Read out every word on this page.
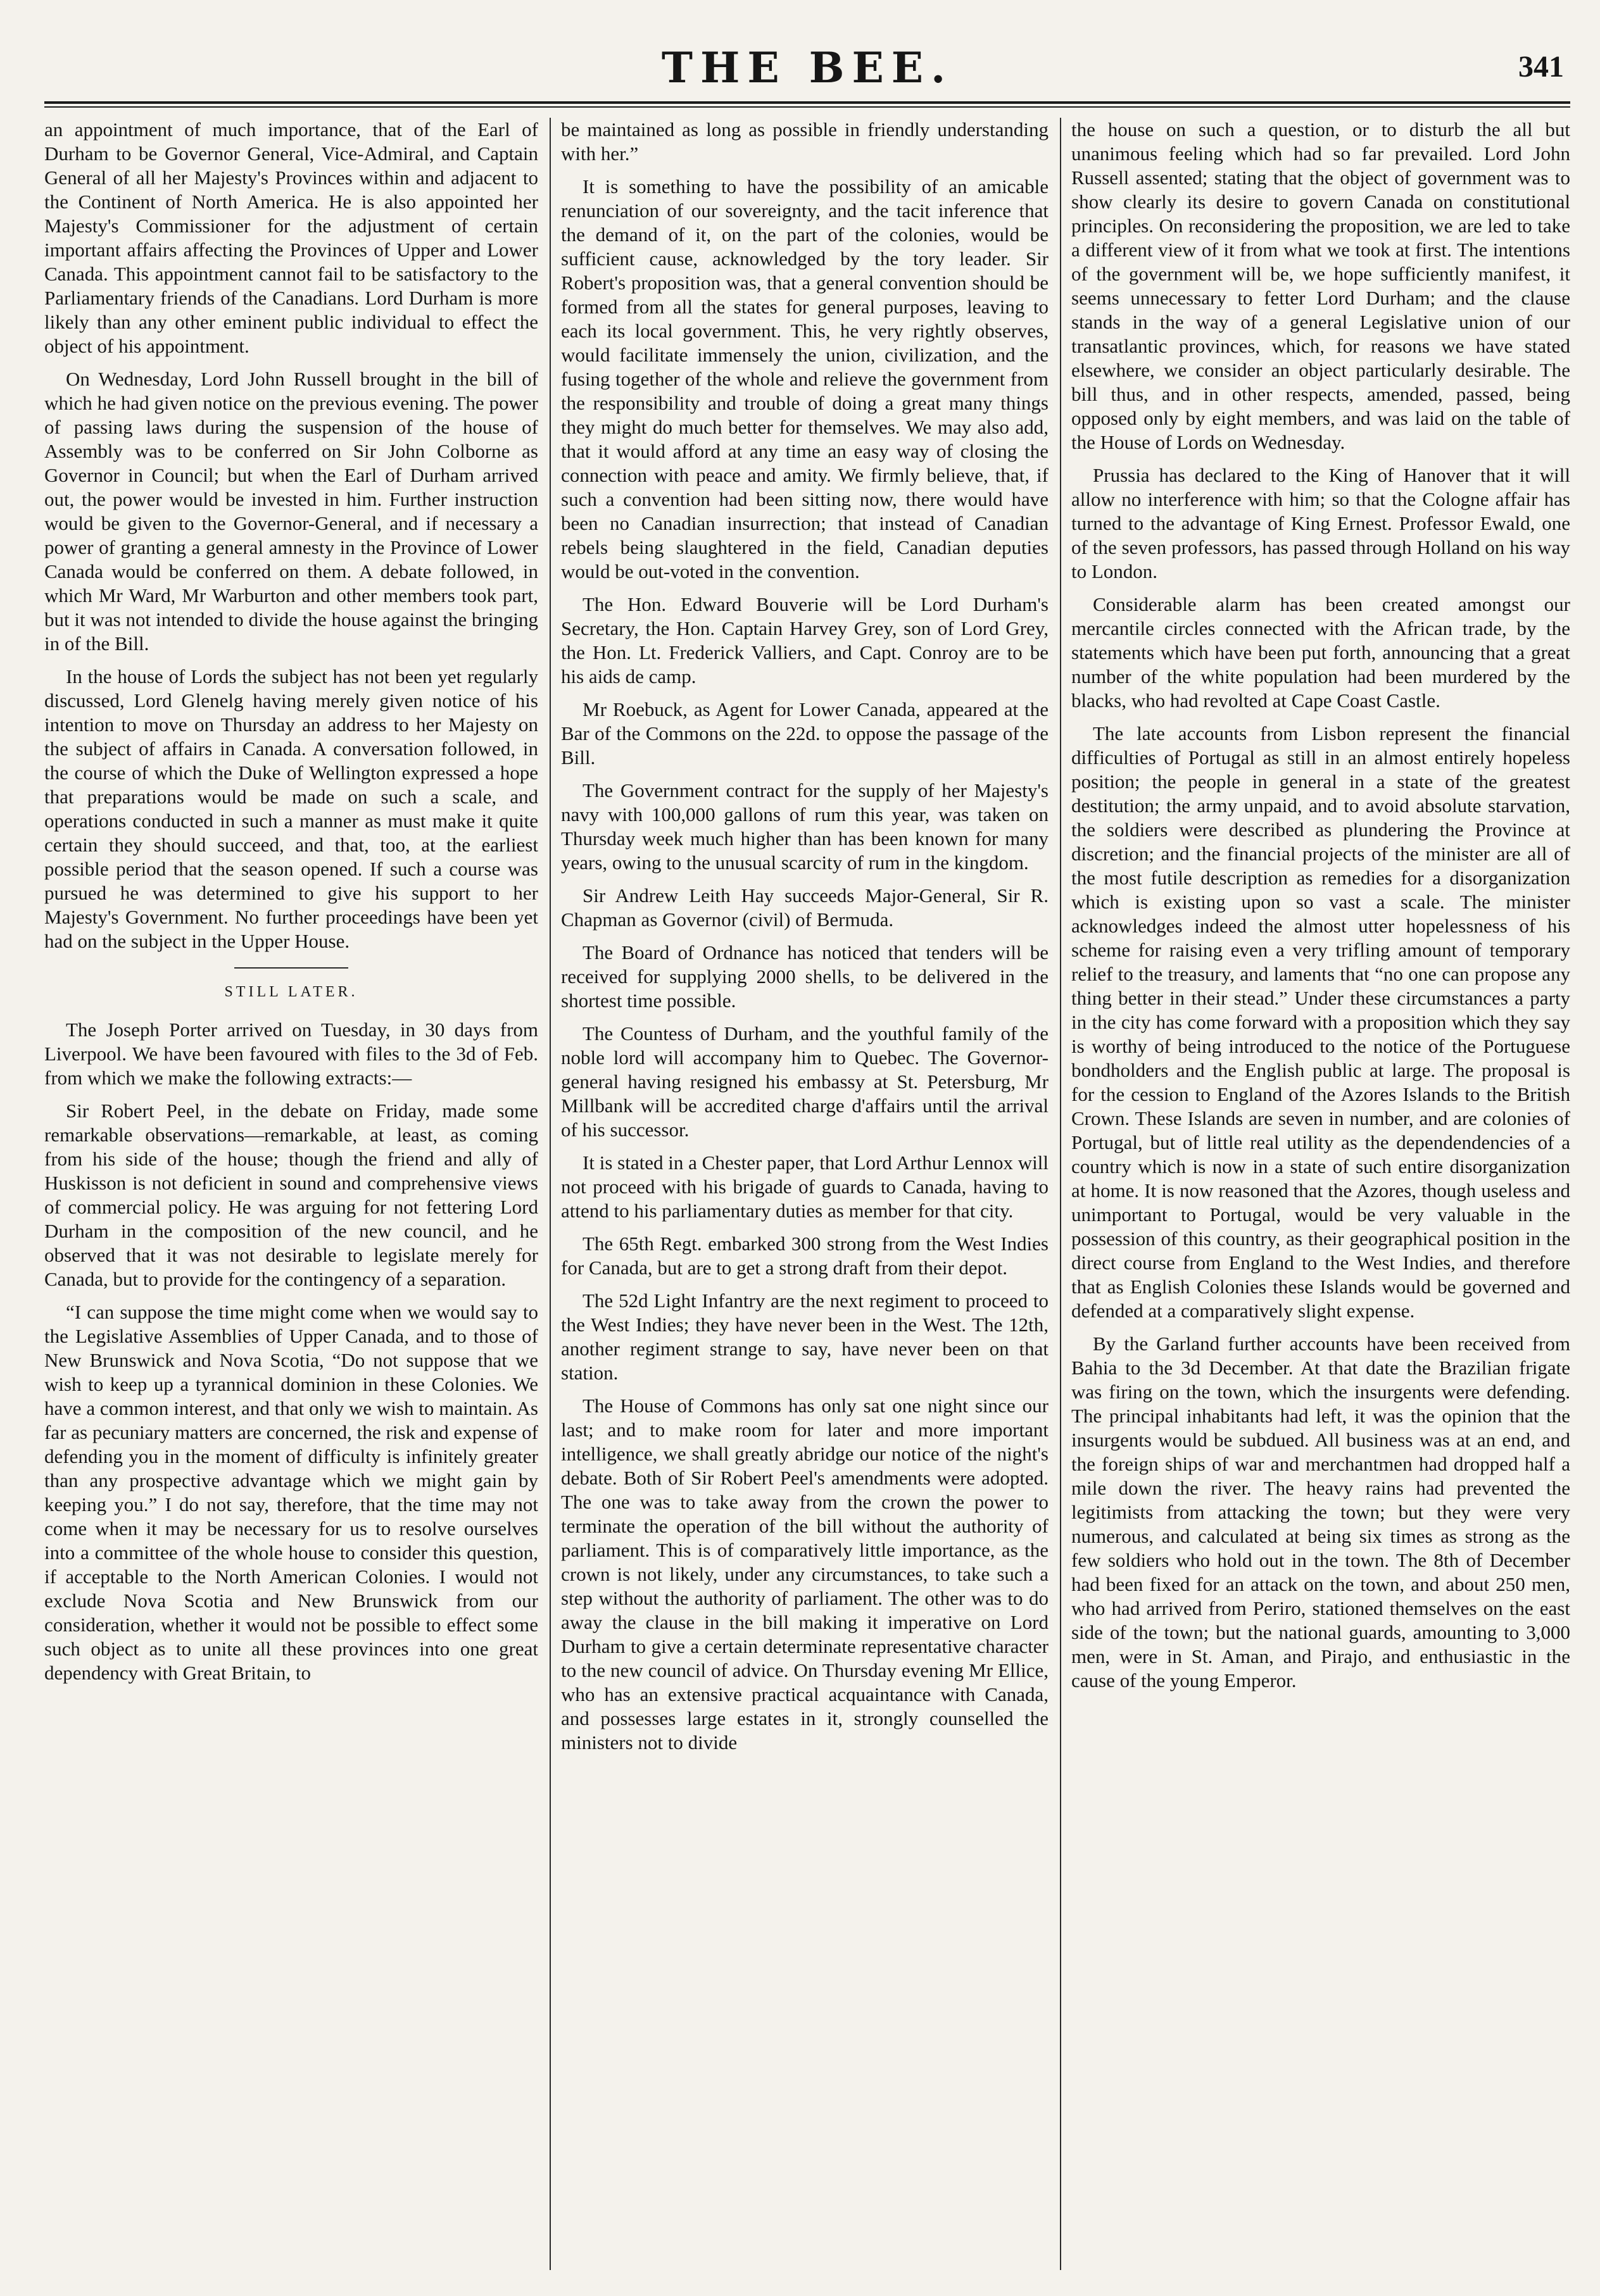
THE BEE.	341

an appointment of much importance, that of the Earl of Durham to be Governor General, Vice-Admiral, and Captain General of all her Majesty's Provinces within and adjacent to the Continent of North America. He is also appointed her Majesty's Commissioner for the adjustment of certain important affairs affecting the Provinces of Upper and Lower Canada. This appointment cannot fail to be satisfactory to the Parliamentary friends of the Canadians. Lord Durham is more likely than any other eminent public individual to effect the object of his appointment.

On Wednesday, Lord John Russell brought in the bill of which he had given notice on the previous evening. The power of passing laws during the suspension of the house of Assembly was to be conferred on Sir John Colborne as Governor in Council; but when the Earl of Durham arrived out, the power would be invested in him. Further instruction would be given to the Governor-General, and if necessary a power of granting a general amnesty in the Province of Lower Canada would be conferred on them. A debate followed, in which Mr Ward, Mr Warburton and other members took part, but it was not intended to divide the house against the bringing in of the Bill.

In the house of Lords the subject has not been yet regularly discussed, Lord Glenelg having merely given notice of his intention to move on Thursday an address to her Majesty on the subject of affairs in Canada. A conversation followed, in the course of which the Duke of Wellington expressed a hope that preparations would be made on such a scale, and operations conducted in such a manner as must make it quite certain they should succeed, and that, too, at the earliest possible period that the season opened. If such a course was pursued he was determined to give his support to her Majesty's Government. No further proceedings have been yet had on the subject in the Upper House.

STILL LATER.

The Joseph Porter arrived on Tuesday, in 30 days from Liverpool. We have been favoured with files to the 3d of Feb. from which we make the following extracts:—

Sir Robert Peel, in the debate on Friday, made some remarkable observations—remarkable, at least, as coming from his side of the house; though the friend and ally of Huskisson is not deficient in sound and comprehensive views of commercial policy. He was arguing for not fettering Lord Durham in the composition of the new council, and he observed that it was not desirable to legislate merely for Canada, but to provide for the contingency of a separation.

“I can suppose the time might come when we would say to the Legislative Assemblies of Upper Canada, and to those of New Brunswick and Nova Scotia, “Do not suppose that we wish to keep up a tyrannical dominion in these Colonies. We have a common interest, and that only we wish to maintain. As far as pecuniary matters are concerned, the risk and expense of defending you in the moment of difficulty is infinitely greater than any prospective advantage which we might gain by keeping you.” I do not say, therefore, that the time may not come when it may be necessary for us to resolve ourselves into a committee of the whole house to consider this question, if acceptable to the North American Colonies. I would not exclude Nova Scotia and New Brunswick from our consideration, whether it would not be possible to effect some such object as to unite all these provinces into one great dependency with Great Britain, to

be maintained as long as possible in friendly understanding with her.”

It is something to have the possibility of an amicable renunciation of our sovereignty, and the tacit inference that the demand of it, on the part of the colonies, would be sufficient cause, acknowledged by the tory leader. Sir Robert's proposition was, that a general convention should be formed from all the states for general purposes, leaving to each its local government. This, he very rightly observes, would facilitate immensely the union, civilization, and the fusing together of the whole and relieve the government from the responsibility and trouble of doing a great many things they might do much better for themselves. We may also add, that it would afford at any time an easy way of closing the connection with peace and amity. We firmly believe, that, if such a convention had been sitting now, there would have been no Canadian insurrection; that instead of Canadian rebels being slaughtered in the field, Canadian deputies would be out-voted in the convention.

The Hon. Edward Bouverie will be Lord Durham's Secretary, the Hon. Captain Harvey Grey, son of Lord Grey, the Hon. Lt. Frederick Valliers, and Capt. Conroy are to be his aids de camp.

Mr Roebuck, as Agent for Lower Canada, appeared at the Bar of the Commons on the 22d. to oppose the passage of the Bill.

The Government contract for the supply of her Majesty's navy with 100,000 gallons of rum this year, was taken on Thursday week much higher than has been known for many years, owing to the unusual scarcity of rum in the kingdom.

Sir Andrew Leith Hay succeeds Major-General, Sir R. Chapman as Governor (civil) of Bermuda.

The Board of Ordnance has noticed that tenders will be received for supplying 2000 shells, to be delivered in the shortest time possible.

The Countess of Durham, and the youthful family of the noble lord will accompany him to Quebec. The Governor-general having resigned his embassy at St. Petersburg, Mr Millbank will be accredited charge d'affairs until the arrival of his successor.

It is stated in a Chester paper, that Lord Arthur Lennox will not proceed with his brigade of guards to Canada, having to attend to his parliamentary duties as member for that city.

The 65th Regt. embarked 300 strong from the West Indies for Canada, but are to get a strong draft from their depot.

The 52d Light Infantry are the next regiment to proceed to the West Indies; they have never been in the West. The 12th, another regiment strange to say, have never been on that station.

The House of Commons has only sat one night since our last; and to make room for later and more important intelligence, we shall greatly abridge our notice of the night's debate. Both of Sir Robert Peel's amendments were adopted. The one was to take away from the crown the power to terminate the operation of the bill without the authority of parliament. This is of comparatively little importance, as the crown is not likely, under any circumstances, to take such a step without the authority of parliament. The other was to do away the clause in the bill making it imperative on Lord Durham to give a certain determinate representative character to the new council of advice. On Thursday evening Mr Ellice, who has an extensive practical acquaintance with Canada, and possesses large estates in it, strongly counselled the ministers not to divide

the house on such a question, or to disturb the all but unanimous feeling which had so far prevailed. Lord John Russell assented; stating that the object of government was to show clearly its desire to govern Canada on constitutional principles. On reconsidering the proposition, we are led to take a different view of it from what we took at first. The intentions of the government will be, we hope sufficiently manifest, it seems unnecessary to fetter Lord Durham; and the clause stands in the way of a general Legislative union of our transatlantic provinces, which, for reasons we have stated elsewhere, we consider an object particularly desirable. The bill thus, and in other respects, amended, passed, being opposed only by eight members, and was laid on the table of the House of Lords on Wednesday.

Prussia has declared to the King of Hanover that it will allow no interference with him; so that the Cologne affair has turned to the advantage of King Ernest. Professor Ewald, one of the seven professors, has passed through Holland on his way to London.

Considerable alarm has been created amongst our mercantile circles connected with the African trade, by the statements which have been put forth, announcing that a great number of the white population had been murdered by the blacks, who had revolted at Cape Coast Castle.

The late accounts from Lisbon represent the financial difficulties of Portugal as still in an almost entirely hopeless position; the people in general in a state of the greatest destitution; the army unpaid, and to avoid absolute starvation, the soldiers were described as plundering the Province at discretion; and the financial projects of the minister are all of the most futile description as remedies for a disorganization which is existing upon so vast a scale. The minister acknowledges indeed the almost utter hopelessness of his scheme for raising even a very trifling amount of temporary relief to the treasury, and laments that “no one can propose any thing better in their stead.” Under these circumstances a party in the city has come forward with a proposition which they say is worthy of being introduced to the notice of the Portuguese bondholders and the English public at large. The proposal is for the cession to England of the Azores Islands to the British Crown. These Islands are seven in number, and are colonies of Portugal, but of little real utility as the dependendencies of a country which is now in a state of such entire disorganization at home. It is now reasoned that the Azores, though useless and unimportant to Portugal, would be very valuable in the possession of this country, as their geographical position in the direct course from England to the West Indies, and therefore that as English Colonies these Islands would be governed and defended at a comparatively slight expense.

By the Garland further accounts have been received from Bahia to the 3d December. At that date the Brazilian frigate was firing on the town, which the insurgents were defending. The principal inhabitants had left, it was the opinion that the insurgents would be subdued. All business was at an end, and the foreign ships of war and merchantmen had dropped half a mile down the river. The heavy rains had prevented the legitimists from attacking the town; but they were very numerous, and calculated at being six times as strong as the few soldiers who hold out in the town. The 8th of December had been fixed for an attack on the town, and about 250 men, who had arrived from Periro, stationed themselves on the east side of the town; but the national guards, amounting to 3,000 men, were in St. Aman, and Pirajo, and enthusiastic in the cause of the young Emperor.
